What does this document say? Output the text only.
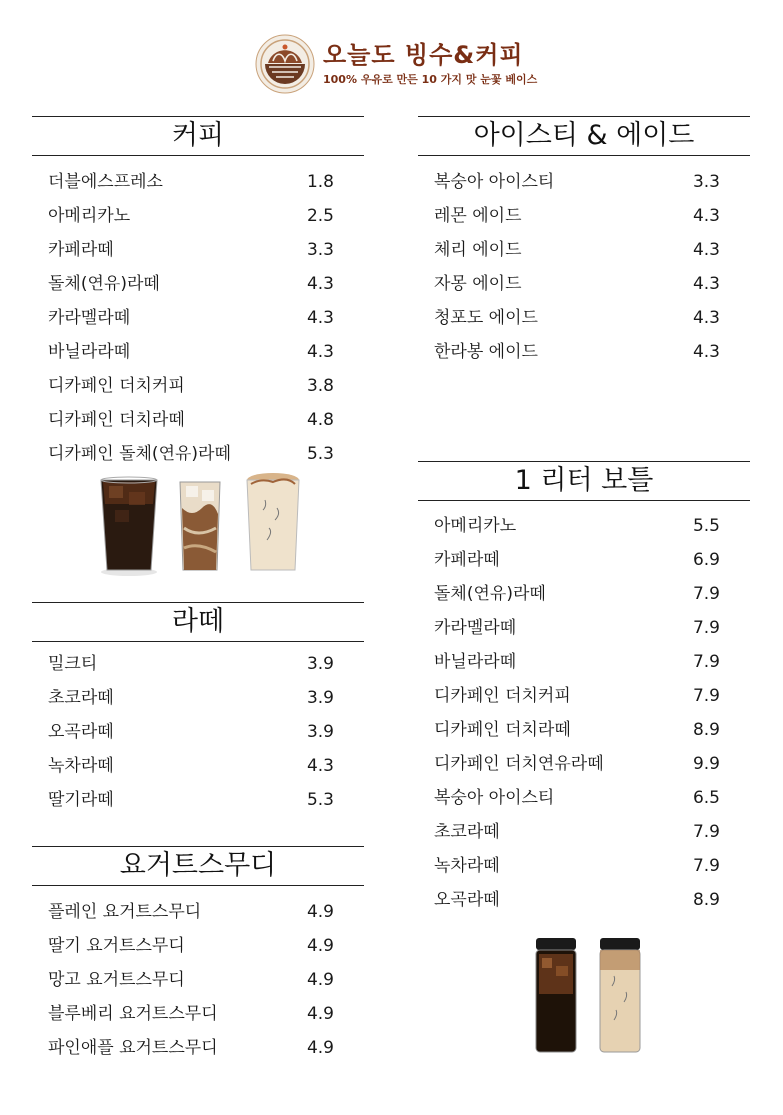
오늘도 빙수&커피
100% 우유로 만든 10 가지 맛 눈꽃 베이스
커피
더블에스프레소	1.8
아메리카노	2.5
카페라떼	3.3
돌체(연유)라떼	4.3
카라멜라떼	4.3
바닐라라떼	4.3
디카페인 더치커피	3.8
디카페인 더치라떼	4.8
디카페인 돌체(연유)라떼	5.3
라떼
밀크티	3.9
초코라떼	3.9
오곡라떼	3.9
녹차라떼	4.3
딸기라떼	5.3
요거트스무디
플레인 요거트스무디	4.9
딸기 요거트스무디	4.9
망고 요거트스무디	4.9
블루베리 요거트스무디	4.9
파인애플 요거트스무디	4.9
아이스티 & 에이드
복숭아 아이스티	3.3
레몬 에이드	4.3
체리 에이드	4.3
자몽 에이드	4.3
청포도 에이드	4.3
한라봉 에이드	4.3
1 리터 보틀
아메리카노	5.5
카페라떼	6.9
돌체(연유)라떼	7.9
카라멜라떼	7.9
바닐라라떼	7.9
디카페인 더치커피	7.9
디카페인 더치라떼	8.9
디카페인 더치연유라떼	9.9
복숭아 아이스티	6.5
초코라떼	7.9
녹차라떼	7.9
오곡라떼	8.9
